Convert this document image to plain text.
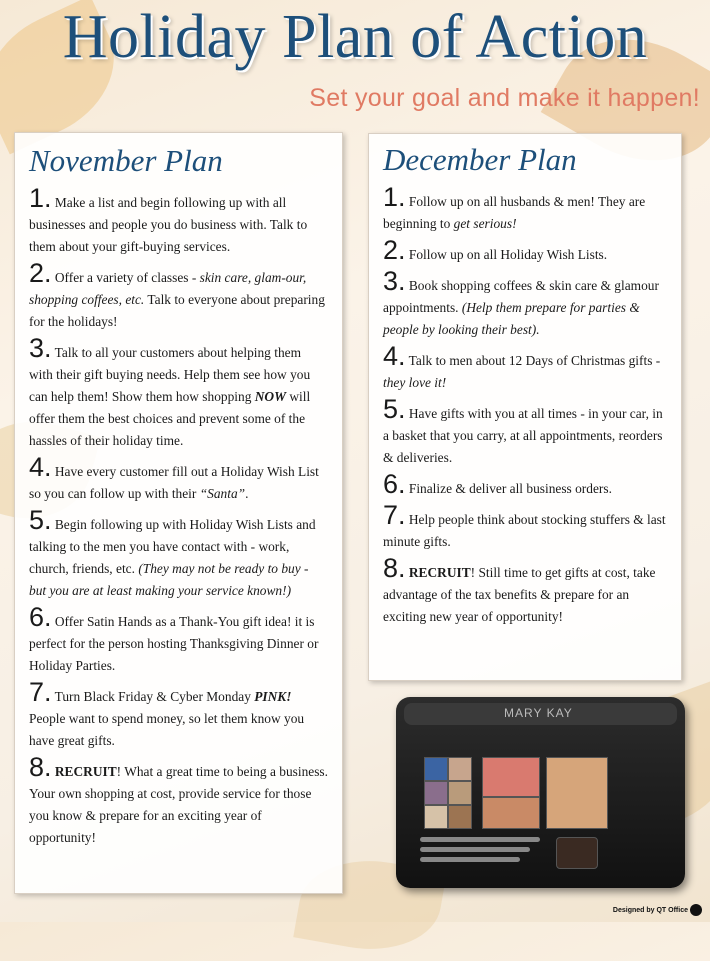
Holiday Plan of Action
Set your goal and make it happen!
November Plan
1. Make a list and begin following up with all businesses and people you do business with. Talk to them about your gift-buying services.
2. Offer a variety of classes - skin care, glam-our, shopping coffees, etc. Talk to everyone about preparing for the holidays!
3. Talk to all your customers about helping them with their gift buying needs. Help them see how you can help them! Show them how shopping NOW will offer them the best choices and prevent some of the hassles of their holiday time.
4. Have every customer fill out a Holiday Wish List so you can follow up with their “Santa”.
5. Begin following up with Holiday Wish Lists and talking to the men you have contact with - work, church, friends, etc. (They may not be ready to buy - but you are at least making your service known!)
6. Offer Satin Hands as a Thank-You gift idea! it is perfect for the person hosting Thanksgiving Dinner or Holiday Parties.
7. Turn Black Friday & Cyber Monday PINK! People want to spend money, so let them know you have great gifts.
8. RECRUIT! What a great time to being a business. Your own shopping at cost, provide service for those you know & prepare for an exciting year of opportunity!
December Plan
1. Follow up on all husbands & men! They are beginning to get serious!
2. Follow up on all Holiday Wish Lists.
3. Book shopping coffees & skin care & glamour appointments. (Help them prepare for parties & people by looking their best).
4. Talk to men about 12 Days of Christmas gifts - they love it!
5. Have gifts with you at all times - in your car, in a basket that you carry, at all appointments, reorders & deliveries.
6. Finalize & deliver all business orders.
7. Help people think about stocking stuffers & last minute gifts.
8. RECRUIT! Still time to get gifts at cost, take advantage of the tax benefits & prepare for an exciting new year of opportunity!
MARY KAY
Designed by QT Office
